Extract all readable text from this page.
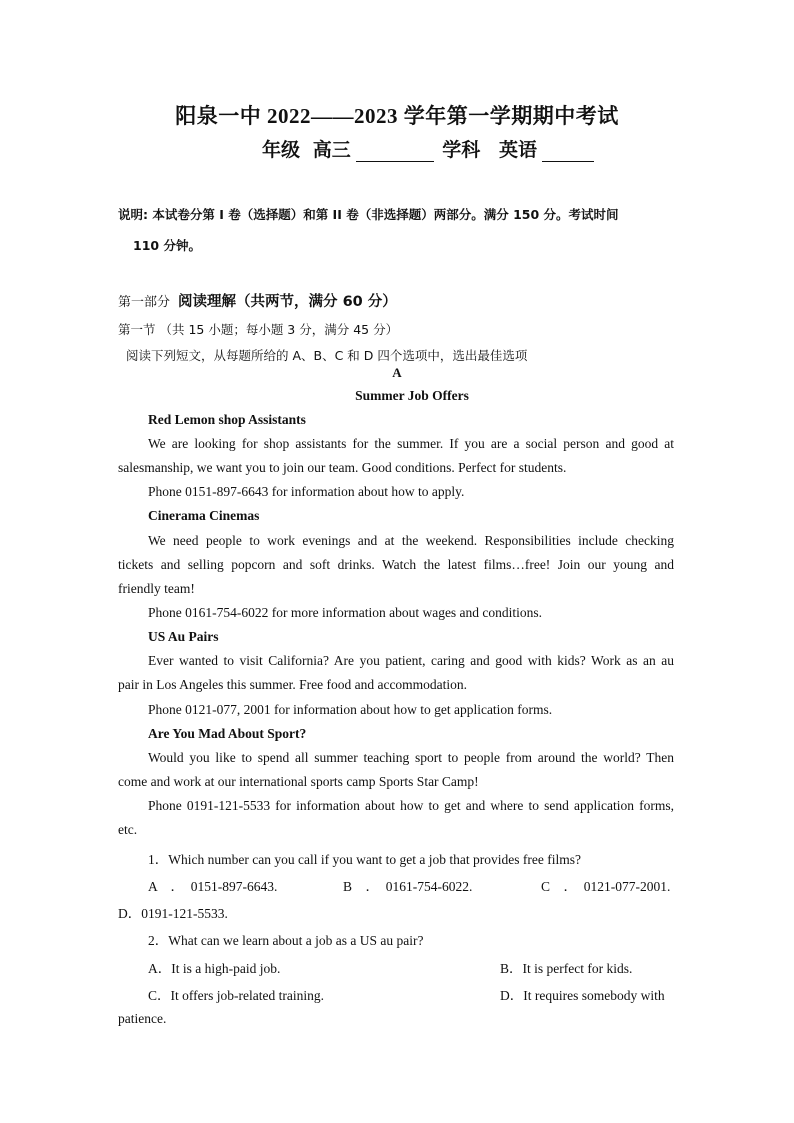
阳泉一中 2022——2023 学年第一学期期中考试
年级 高三	学科 英语
说明: 本试卷分第 I 卷（选择题）和第 II 卷（非选择题）两部分。满分 150 分。考试时间
110 分钟。
第一部分 阅读理解（共两节，满分 60 分）
第一节 （共 15 小题；每小题 3 分，满分 45 分）
阅读下列短文，从每题所给的 A、B、C 和 D 四个选项中，选出最佳选项
A
Summer Job Offers
Red Lemon shop Assistants
We are looking for shop assistants for the summer. If you are a social person and good at
salesmanship, we want you to join our team. Good conditions. Perfect for students.
Phone 0151-897-6643 for information about how to apply.
Cinerama Cinemas
We need people to work evenings and at the weekend. Responsibilities include checking
tickets and selling popcorn and soft drinks. Watch the latest films…free! Join our young and
friendly team!
Phone 0161-754-6022 for more information about wages and conditions.
US Au Pairs
Ever wanted to visit California? Are you patient, caring and good with kids? Work as an au
pair in Los Angeles this summer. Free food and accommodation.
Phone 0121-077, 2001 for information about how to get application forms.
Are You Mad About Sport?
Would you like to spend all summer teaching sport to people from around the world? Then
come and work at our international sports camp Sports Star Camp!
Phone 0191-121-5533 for information about how to get and where to send application forms,
etc.
1．Which number can you call if you want to get a job that provides free films?
A　．　0151-897-6643.	B　．　0161-754-6022.	C　．　0121-077-2001.
D．0191-121-5533.
2．What can we learn about a job as a US au pair?
A．It is a high-paid job.	B．It is perfect for kids.
C．It offers job-related training.	D．It requires somebody with
patience.
